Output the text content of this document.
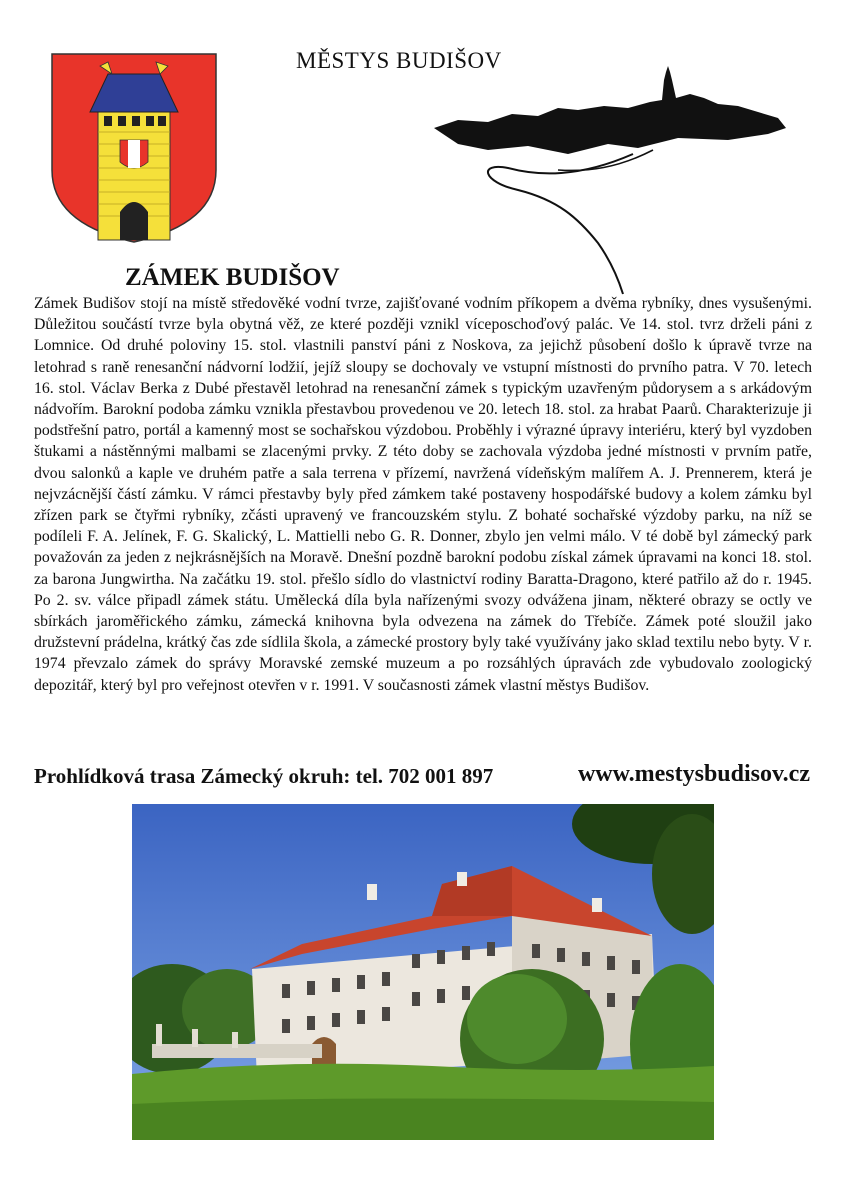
MĚSTYS BUDIŠOV
ZÁMEK BUDIŠOV

Zámek Budišov stojí na místě středověké vodní tvrze, zajišťované vodním příkopem a dvěma rybníky, dnes vysušenými. Důležitou součástí tvrze byla obytná věž, ze které později vznikl víceposchoďový palác. Ve 14. stol. tvrz drželi páni z Lomnice. Od druhé poloviny 15. stol. vlastnili panství páni z Noskova, za jejichž působení došlo k úpravě tvrze na letohrad s raně renesanční nádvorní lodžií, jejíž sloupy se dochovaly ve vstupní místnosti do prvního patra. V 70. letech 16. stol. Václav Berka z Dubé přestavěl letohrad na renesanční zámek s typickým uzavřeným půdorysem a s arkádovým nádvořím. Barokní podoba zámku vznikla přestavbou provedenou ve 20. letech 18. stol. za hrabat Paarů. Charakterizuje ji podstřešní patro, portál a kamenný most se sochařskou výzdobou. Proběhly i výrazné úpravy interiéru, který byl vyzdoben štukami a nástěnnými malbami se zlacenými prvky. Z této doby se zachovala výzdoba jedné místnosti v prvním patře, dvou salonků a kaple ve druhém patře a sala terrena v přízemí, navržená vídeňským malířem A. J. Prennerem, která je nejvzácnější částí zámku. V rámci přestavby byly před zámkem také postaveny hospodářské budovy a kolem zámku byl zřízen park se čtyřmi rybníky, zčásti upravený ve francouzském stylu. Z bohaté sochařské výzdoby parku, na níž se podíleli F. A. Jelínek, F. G. Skalický, L. Mattielli nebo G. R. Donner, zbylo jen velmi málo. V té době byl zámecký park považován za jeden z nejkrásnějších na Moravě. Dnešní pozdně barokní podobu získal zámek úpravami na konci 18. stol. za barona Jungwirtha. Na začátku 19. stol. přešlo sídlo do vlastnictví rodiny Baratta-Dragono, které patřilo až do r. 1945. Po 2. sv. válce připadl zámek státu. Umělecká díla byla nařízenými svozy odvážena jinam, některé obrazy se octly ve sbírkách jaroměřického zámku, zámecká knihovna byla odvezena na zámek do Třebíče. Zámek poté sloužil jako družstevní prádelna, krátký čas zde sídlila škola, a zámecké prostory byly také využívány jako sklad textilu nebo byty. V r. 1974 převzalo zámek do správy Moravské zemské muzeum a po rozsáhlých úpravách zde vybudovalo zoologický depozitář, který byl pro veřejnost otevřen v r. 1991. V současnosti zámek vlastní městys Budišov.

Prohlídková trasa Zámecký okruh: tel. 702 001 897	www.mestysbudisov.cz
